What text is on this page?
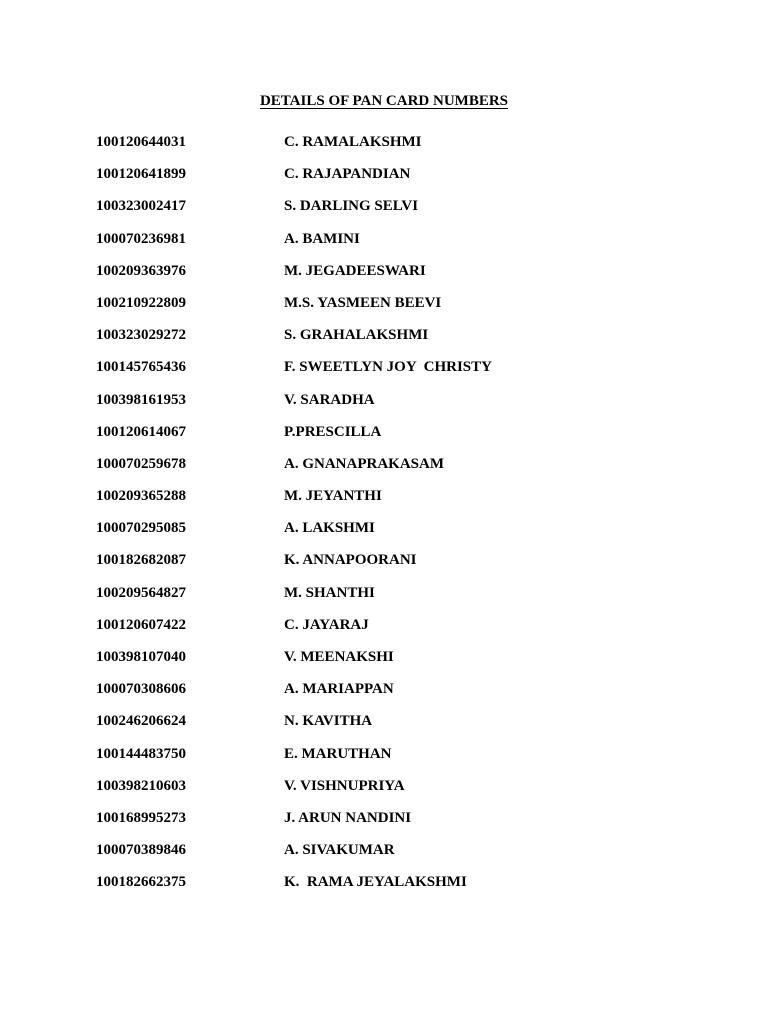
DETAILS OF PAN CARD NUMBERS
100120644031	C. RAMALAKSHMI
100120641899	C. RAJAPANDIAN
100323002417	S. DARLING SELVI
100070236981	A. BAMINI
100209363976	M. JEGADEESWARI
100210922809	M.S. YASMEEN BEEVI
100323029272	S. GRAHALAKSHMI
100145765436	F. SWEETLYN JOY  CHRISTY
100398161953	V. SARADHA
100120614067	P.PRESCILLA
100070259678	A. GNANAPRAKASAM
100209365288	M. JEYANTHI
100070295085	A. LAKSHMI
100182682087	K. ANNAPOORANI
100209564827	M. SHANTHI
100120607422	C. JAYARAJ
100398107040	V. MEENAKSHI
100070308606	A. MARIAPPAN
100246206624	N. KAVITHA
100144483750	E. MARUTHAN
100398210603	V. VISHNUPRIYA
100168995273	J. ARUN NANDINI
100070389846	A. SIVAKUMAR
100182662375	K.  RAMA JEYALAKSHMI
